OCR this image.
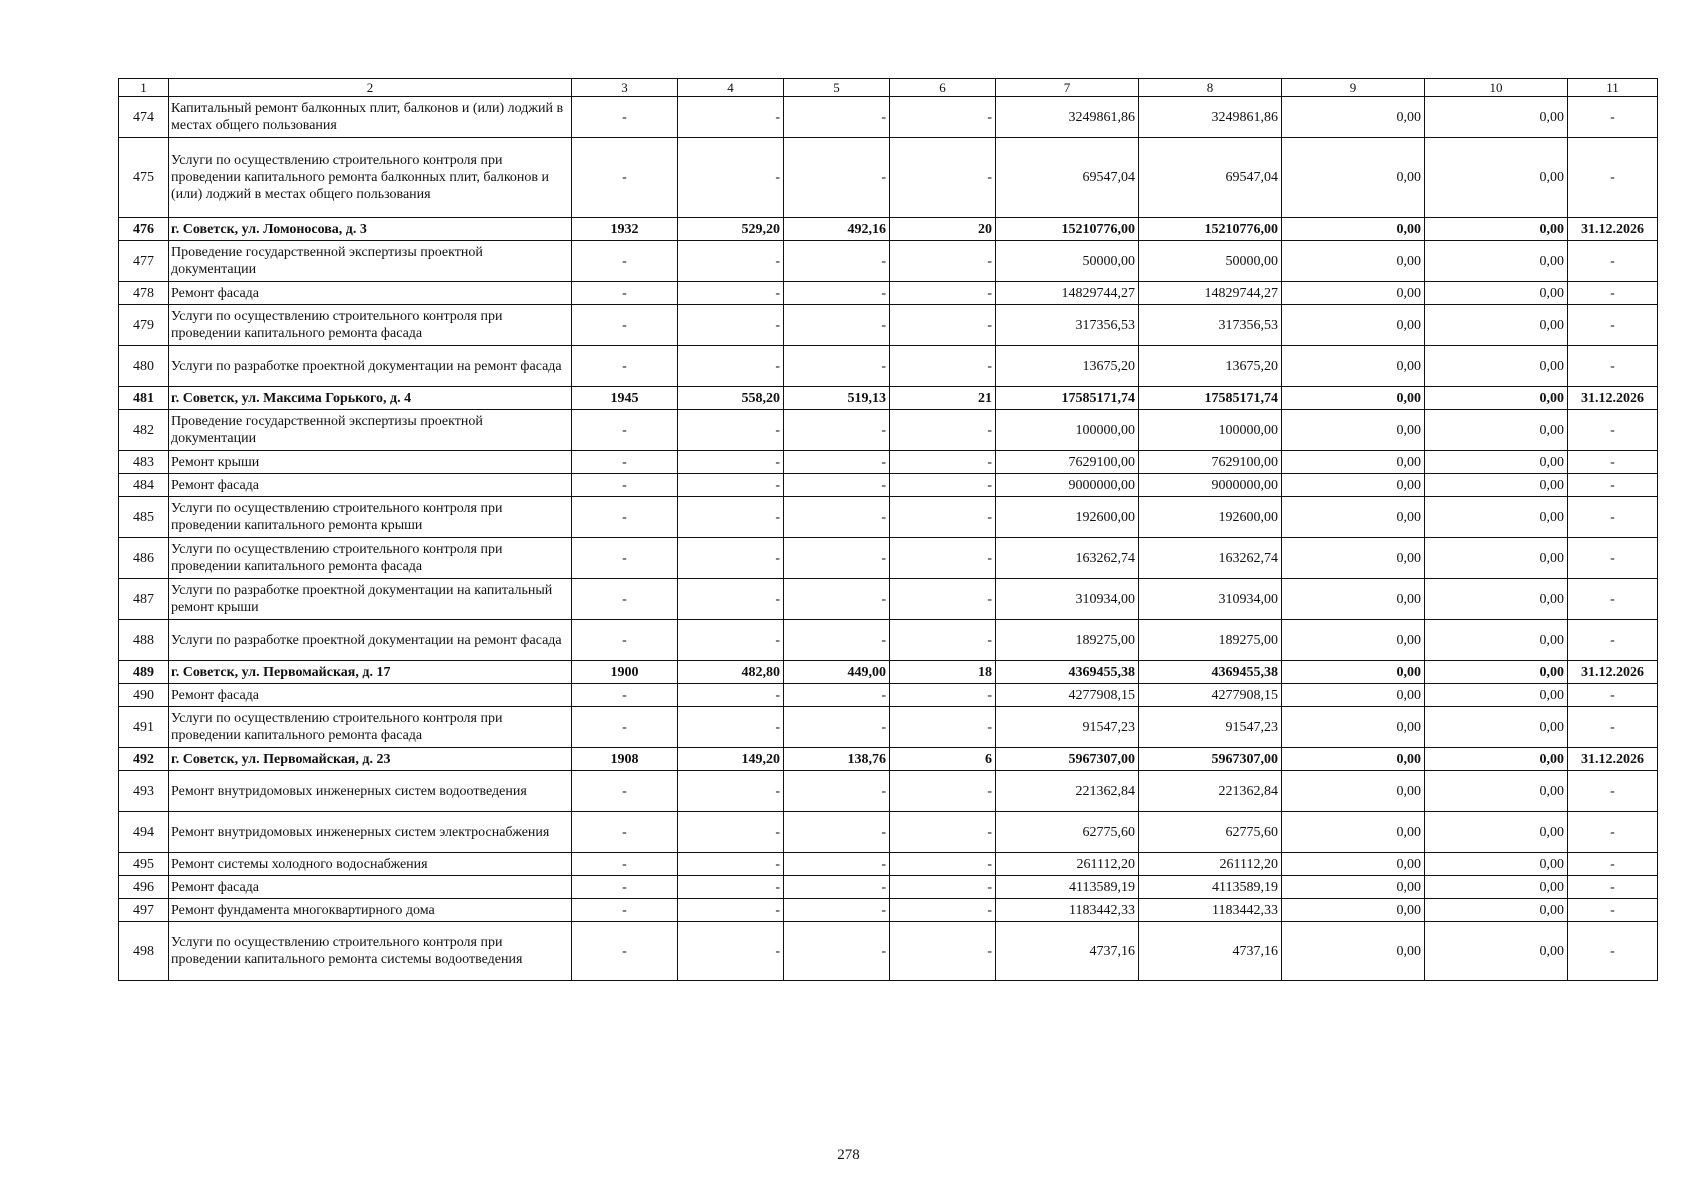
1	2	3	4	5	6	7	8	9	10	11
474	Капитальный ремонт балконных плит, балконов и (или) лоджий в местах общего пользования	-	-	-	-	3249861,86	3249861,86	0,00	0,00	-
475	Услуги по осуществлению строительного контроля при проведении капитального ремонта балконных плит, балконов и (или) лоджий в местах общего пользования	-	-	-	-	69547,04	69547,04	0,00	0,00	-
476	г. Советск, ул. Ломоносова, д. 3	1932	529,20	492,16	20	15210776,00	15210776,00	0,00	0,00	31.12.2026
477	Проведение государственной экспертизы проектной документации	-	-	-	-	50000,00	50000,00	0,00	0,00	-
478	Ремонт фасада	-	-	-	-	14829744,27	14829744,27	0,00	0,00	-
479	Услуги по осуществлению строительного контроля при проведении капитального ремонта фасада	-	-	-	-	317356,53	317356,53	0,00	0,00	-
480	Услуги по разработке проектной документации на ремонт фасада	-	-	-	-	13675,20	13675,20	0,00	0,00	-
481	г. Советск, ул. Максима Горького, д. 4	1945	558,20	519,13	21	17585171,74	17585171,74	0,00	0,00	31.12.2026
482	Проведение государственной экспертизы проектной документации	-	-	-	-	100000,00	100000,00	0,00	0,00	-
483	Ремонт крыши	-	-	-	-	7629100,00	7629100,00	0,00	0,00	-
484	Ремонт фасада	-	-	-	-	9000000,00	9000000,00	0,00	0,00	-
485	Услуги по осуществлению строительного контроля при проведении капитального ремонта крыши	-	-	-	-	192600,00	192600,00	0,00	0,00	-
486	Услуги по осуществлению строительного контроля при проведении капитального ремонта фасада	-	-	-	-	163262,74	163262,74	0,00	0,00	-
487	Услуги по разработке проектной документации на капитальный ремонт крыши	-	-	-	-	310934,00	310934,00	0,00	0,00	-
488	Услуги по разработке проектной документации на ремонт фасада	-	-	-	-	189275,00	189275,00	0,00	0,00	-
489	г. Советск, ул. Первомайская, д. 17	1900	482,80	449,00	18	4369455,38	4369455,38	0,00	0,00	31.12.2026
490	Ремонт фасада	-	-	-	-	4277908,15	4277908,15	0,00	0,00	-
491	Услуги по осуществлению строительного контроля при проведении капитального ремонта фасада	-	-	-	-	91547,23	91547,23	0,00	0,00	-
492	г. Советск, ул. Первомайская, д. 23	1908	149,20	138,76	6	5967307,00	5967307,00	0,00	0,00	31.12.2026
493	Ремонт внутридомовых инженерных систем водоотведения	-	-	-	-	221362,84	221362,84	0,00	0,00	-
494	Ремонт внутридомовых инженерных систем электроснабжения	-	-	-	-	62775,60	62775,60	0,00	0,00	-
495	Ремонт системы холодного водоснабжения	-	-	-	-	261112,20	261112,20	0,00	0,00	-
496	Ремонт фасада	-	-	-	-	4113589,19	4113589,19	0,00	0,00	-
497	Ремонт фундамента многоквартирного дома	-	-	-	-	1183442,33	1183442,33	0,00	0,00	-
498	Услуги по осуществлению строительного контроля при проведении капитального ремонта системы водоотведения	-	-	-	-	4737,16	4737,16	0,00	0,00	-
278
